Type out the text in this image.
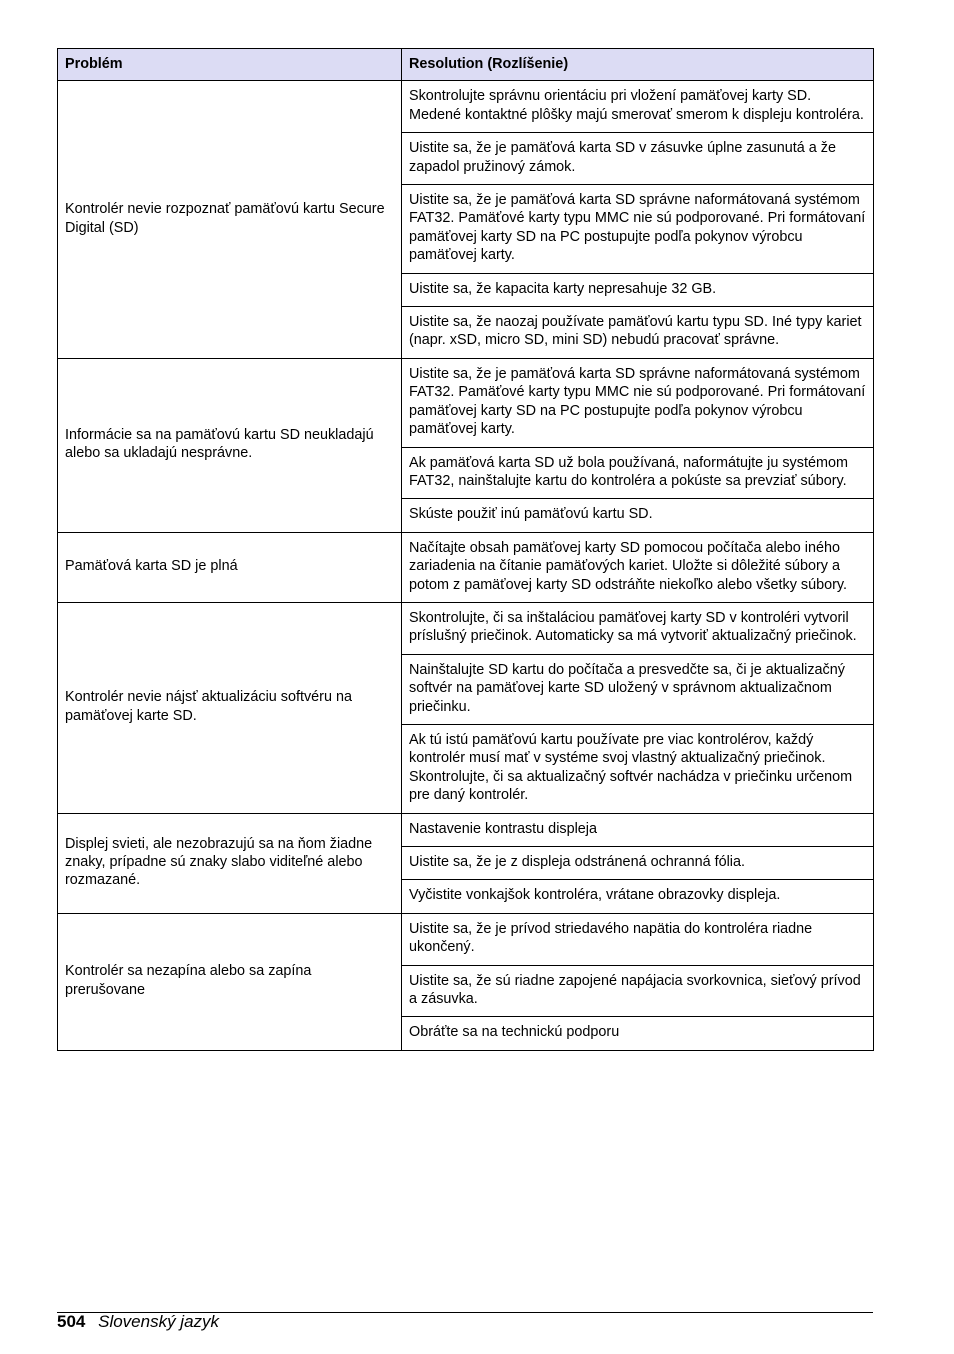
Problém	Resolution (Rozlíšenie)
Kontrolér nevie rozpoznať pamäťovú kartu Secure Digital (SD)	Skontrolujte správnu orientáciu pri vložení pamäťovej karty SD. Medené kontaktné plôšky majú smerovať smerom k displeju kontroléra.
	Uistite sa, že je pamäťová karta SD v zásuvke úplne zasunutá a že zapadol pružinový zámok.
	Uistite sa, že je pamäťová karta SD správne naformátovaná systémom FAT32. Pamäťové karty typu MMC nie sú podporované. Pri formátovaní pamäťovej karty SD na PC postupujte podľa pokynov výrobcu pamäťovej karty.
	Uistite sa, že kapacita karty nepresahuje 32 GB.
	Uistite sa, že naozaj používate pamäťovú kartu typu SD. Iné typy kariet (napr. xSD, micro SD, mini SD) nebudú pracovať správne.
Informácie sa na pamäťovú kartu SD neukladajú alebo sa ukladajú nesprávne.	Uistite sa, že je pamäťová karta SD správne naformátovaná systémom FAT32. Pamäťové karty typu MMC nie sú podporované. Pri formátovaní pamäťovej karty SD na PC postupujte podľa pokynov výrobcu pamäťovej karty.
	Ak pamäťová karta SD už bola používaná, naformátujte ju systémom FAT32, nainštalujte kartu do kontroléra a pokúste sa prevziať súbory.
	Skúste použiť inú pamäťovú kartu SD.
Pamäťová karta SD je plná	Načítajte obsah pamäťovej karty SD pomocou počítača alebo iného zariadenia na čítanie pamäťových kariet. Uložte si dôležité súbory a potom z pamäťovej karty SD odstráňte niekoľko alebo všetky súbory.
Kontrolér nevie nájsť aktualizáciu softvéru na pamäťovej karte SD.	Skontrolujte, či sa inštaláciou pamäťovej karty SD v kontroléri vytvoril príslušný priečinok. Automaticky sa má vytvoriť aktualizačný priečinok.
	Nainštalujte SD kartu do počítača a presvedčte sa, či je aktualizačný softvér na pamäťovej karte SD uložený v správnom aktualizačnom priečinku.
	Ak tú istú pamäťovú kartu používate pre viac kontrolérov, každý kontrolér musí mať v systéme svoj vlastný aktualizačný priečinok. Skontrolujte, či sa aktualizačný softvér nachádza v priečinku určenom pre daný kontrolér.
Displej svieti, ale nezobrazujú sa na ňom žiadne znaky, prípadne sú znaky slabo viditeľné alebo rozmazané.	Nastavenie kontrastu displeja
	Uistite sa, že je z displeja odstránená ochranná fólia.
	Vyčistite vonkajšok kontroléra, vrátane obrazovky displeja.
Kontrolér sa nezapína alebo sa zapína prerušovane	Uistite sa, že je prívod striedavého napätia do kontroléra riadne ukončený.
	Uistite sa, že sú riadne zapojené napájacia svorkovnica, sieťový prívod a zásuvka.
	Obráťte sa na technickú podporu
504 Slovenský jazyk
